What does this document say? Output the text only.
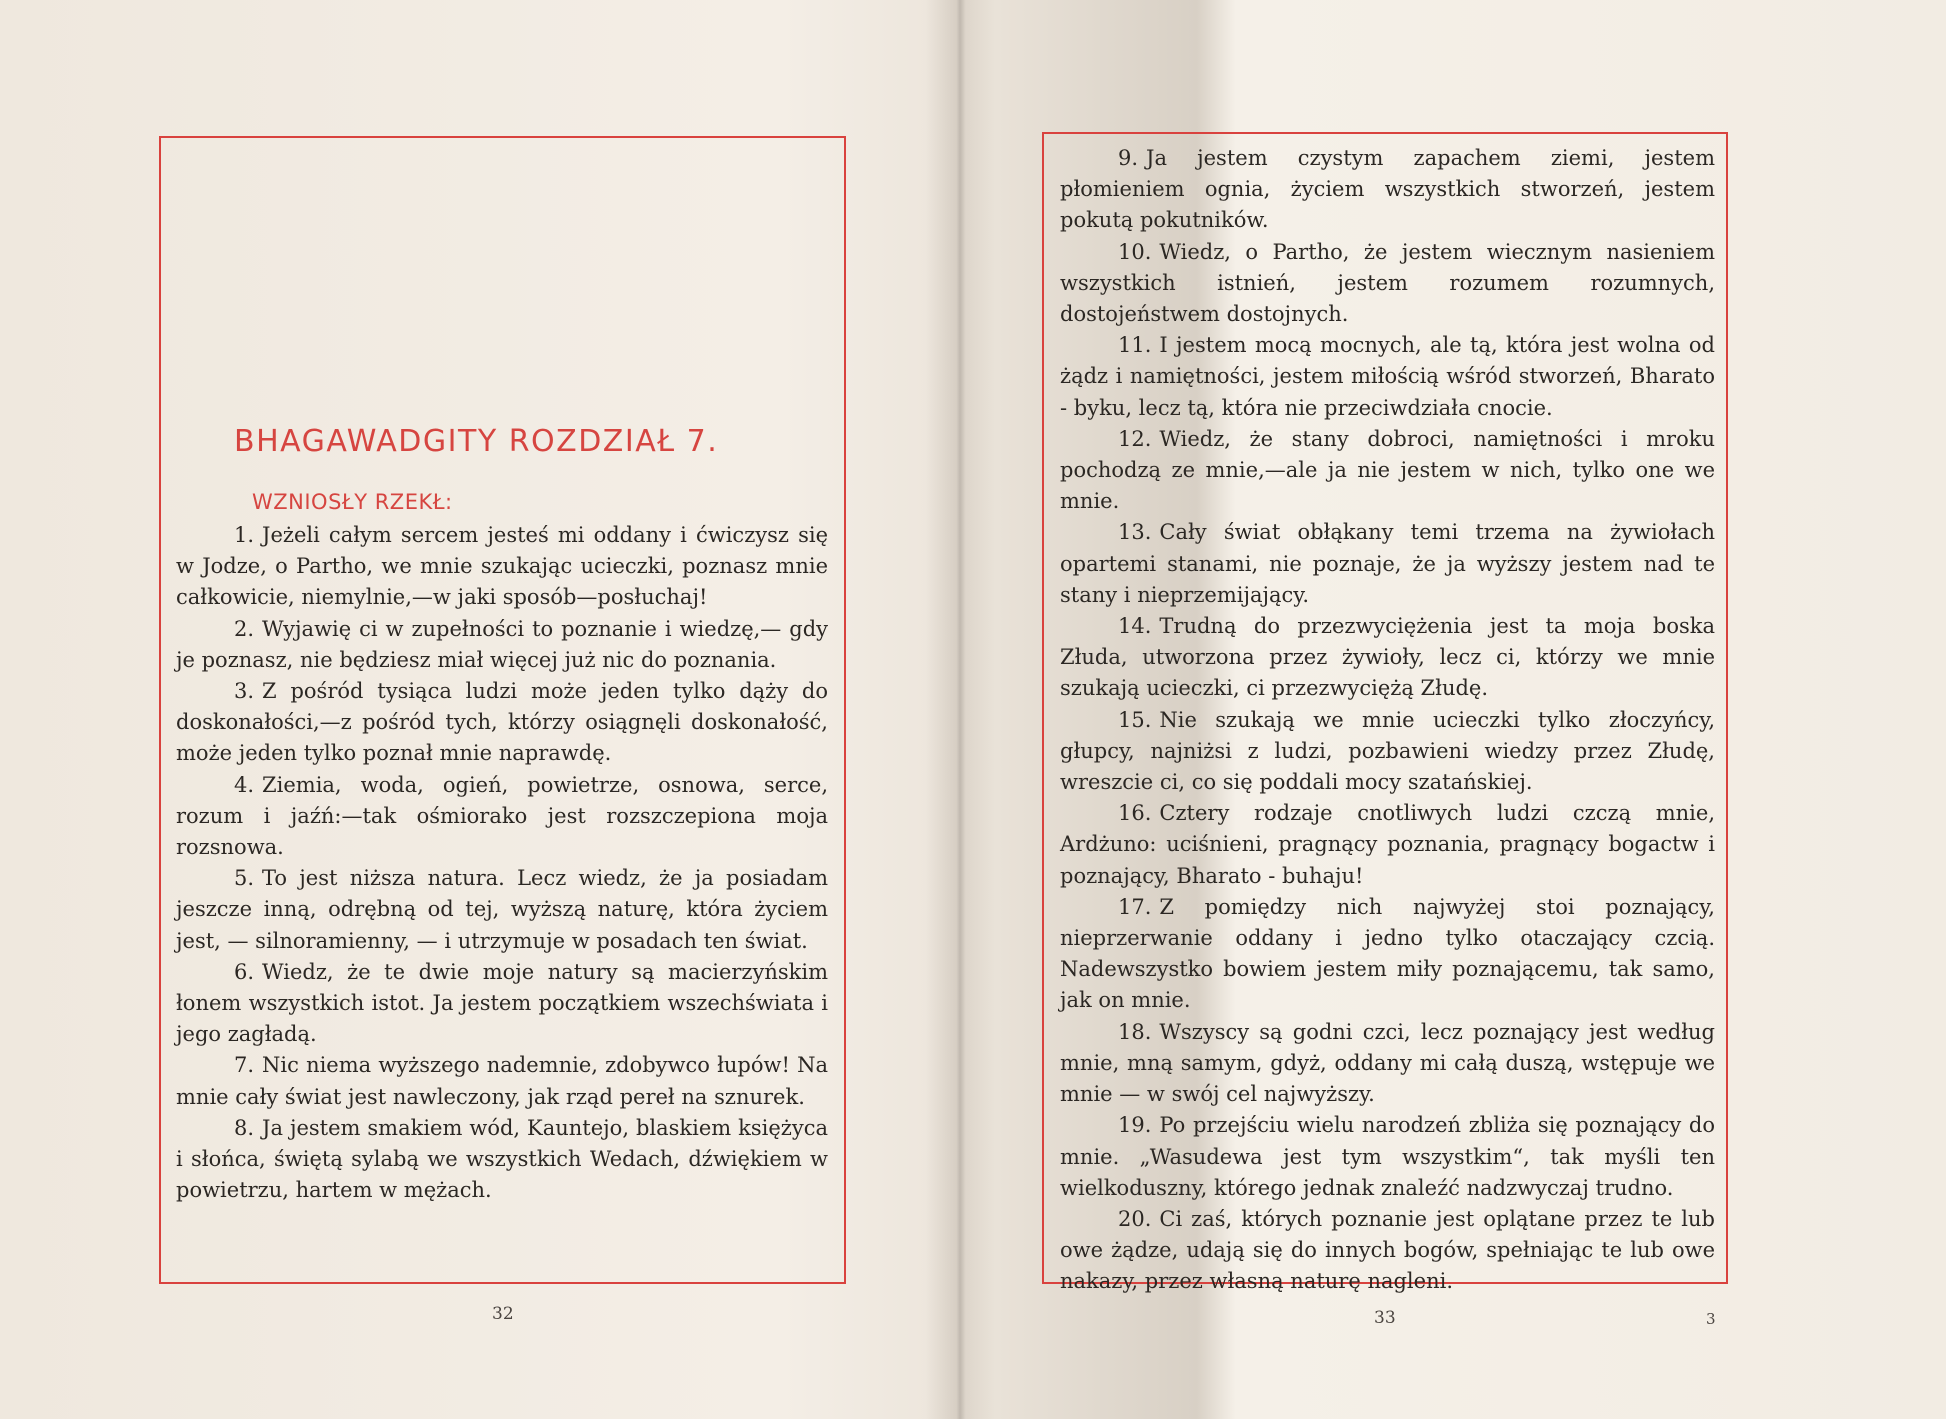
BHAGAWADGITY ROZDZIAŁ 7.
WZNIOSŁY RZEKŁ:

1. Jeżeli całym sercem jesteś mi oddany i ćwiczysz się w Jodze, o Partho, we mnie szukając ucieczki, poznasz mnie całkowicie, niemylnie,—w jaki sposób—posłuchaj!

2. Wyjawię ci w zupełności to poznanie i wiedzę,— gdy je poznasz, nie będziesz miał więcej już nic do poznania.

3. Z pośród tysiąca ludzi może jeden tylko dąży do doskonałości,—z pośród tych, którzy osiągnęli doskonałość, może jeden tylko poznał mnie naprawdę.

4. Ziemia, woda, ogień, powietrze, osnowa, serce, rozum i jaźń:—tak ośmiorako jest rozszczepiona moja rozsnowa.

5. To jest niższa natura. Lecz wiedz, że ja posiadam jeszcze inną, odrębną od tej, wyższą naturę, która życiem jest, — silnoramienny, — i utrzymuje w posadach ten świat.

6. Wiedz, że te dwie moje natury są macierzyńskim łonem wszystkich istot. Ja jestem początkiem wszechświata i jego zagładą.

7. Nic niema wyższego nademnie, zdobywco łupów! Na mnie cały świat jest nawleczony, jak rząd pereł na sznurek.

8. Ja jestem smakiem wód, Kauntejo, blaskiem księżyca i słońca, świętą sylabą we wszystkich Wedach, dźwiękiem w powietrzu, hartem w mężach.

9. Ja jestem czystym zapachem ziemi, jestem płomieniem ognia, życiem wszystkich stworzeń, jestem pokutą pokutników.

10. Wiedz, o Partho, że jestem wiecznym nasieniem wszystkich istnień, jestem rozumem rozumnych, dostojeństwem dostojnych.

11. I jestem mocą mocnych, ale tą, która jest wolna od żądz i namiętności, jestem miłością wśród stworzeń, Bharato - byku, lecz tą, która nie przeciwdziała cnocie.

12. Wiedz, że stany dobroci, namiętności i mroku pochodzą ze mnie,—ale ja nie jestem w nich, tylko one we mnie.

13. Cały świat obłąkany temi trzema na żywiołach opartemi stanami, nie poznaje, że ja wyższy jestem nad te stany i nieprzemijający.

14. Trudną do przezwyciężenia jest ta moja boska Złuda, utworzona przez żywioły, lecz ci, którzy we mnie szukają ucieczki, ci przezwyciężą Złudę.

15. Nie szukają we mnie ucieczki tylko złoczyńcy, głupcy, najniżsi z ludzi, pozbawieni wiedzy przez Złudę, wreszcie ci, co się poddali mocy szatańskiej.

16. Cztery rodzaje cnotliwych ludzi czczą mnie, Ardżuno: uciśnieni, pragnący poznania, pragnący bogactw i poznający, Bharato - buhaju!

17. Z pomiędzy nich najwyżej stoi poznający, nieprzerwanie oddany i jedno tylko otaczający czcią. Nadewszystko bowiem jestem miły poznającemu, tak samo, jak on mnie.

18. Wszyscy są godni czci, lecz poznający jest według mnie, mną samym, gdyż, oddany mi całą duszą, wstępuje we mnie — w swój cel najwyższy.

19. Po przejściu wielu narodzeń zbliża się poznający do mnie. „Wasudewa jest tym wszystkim“, tak myśli ten wielkoduszny, którego jednak znaleźć nadzwyczaj trudno.

20. Ci zaś, których poznanie jest oplątane przez te lub owe żądze, udają się do innych bogów, spełniając te lub owe nakazy, przez własną naturę nagleni.

32	33	3
